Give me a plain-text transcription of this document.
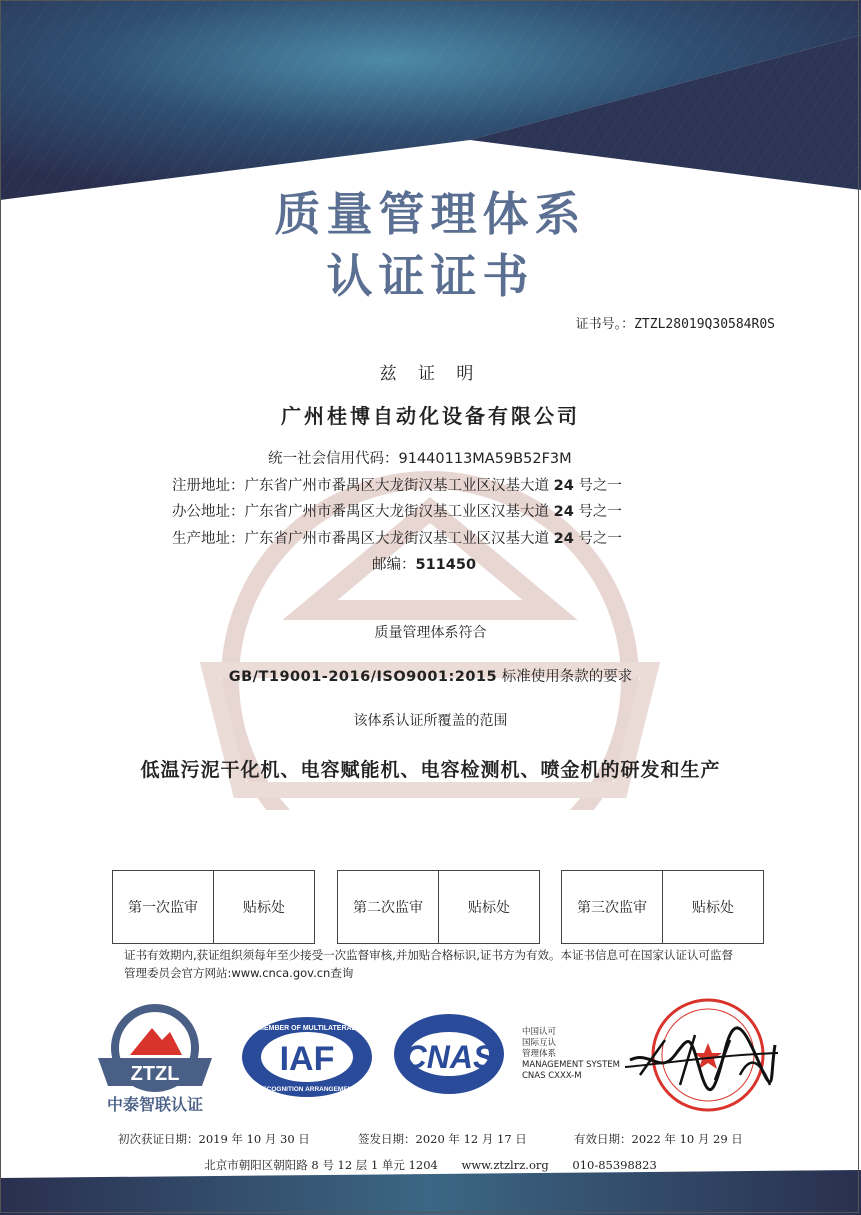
质量管理体系
认证证书
证书号。：ZTZL28019Q30584R0S
兹 证 明
广州桂博自动化设备有限公司
统一社会信用代码：91440113MA59B52F3M
注册地址：广东省广州市番禺区大龙街汉基工业区汉基大道 24 号之一
办公地址：广东省广州市番禺区大龙街汉基工业区汉基大道 24 号之一
生产地址：广东省广州市番禺区大龙街汉基工业区汉基大道 24 号之一
邮编：511450
质量管理体系符合
GB/T19001-2016/ISO9001:2015 标准使用条款的要求
该体系认证所覆盖的范围
低温污泥干化机、电容赋能机、电容检测机、喷金机的研发和生产
第一次监审	贴标处	第二次监审	贴标处	第三次监审	贴标处
证书有效期内,获证组织须每年至少接受一次监督审核,并加贴合格标识,证书方为有效。本证书信息可在国家认证认可监督管理委员会官方网站:www.cnca.gov.cn查询
ZTZL
中泰智联认证
MEMBER OF MULTILATERAL
RECOGNITION ARRANGEMENT
IAF CNAS
中国认可
国际互认
管理体系
MANAGEMENT SYSTEM
CNAS CXXX-M
初次获证日期：2019 年 10 月 30 日	签发日期：2020 年 12 月 17 日	有效日期：2022 年 10 月 29 日
北京市朝阳区朝阳路 8 号 12 层 1 单元 1204 www.ztzlrz.org 010-85398823
